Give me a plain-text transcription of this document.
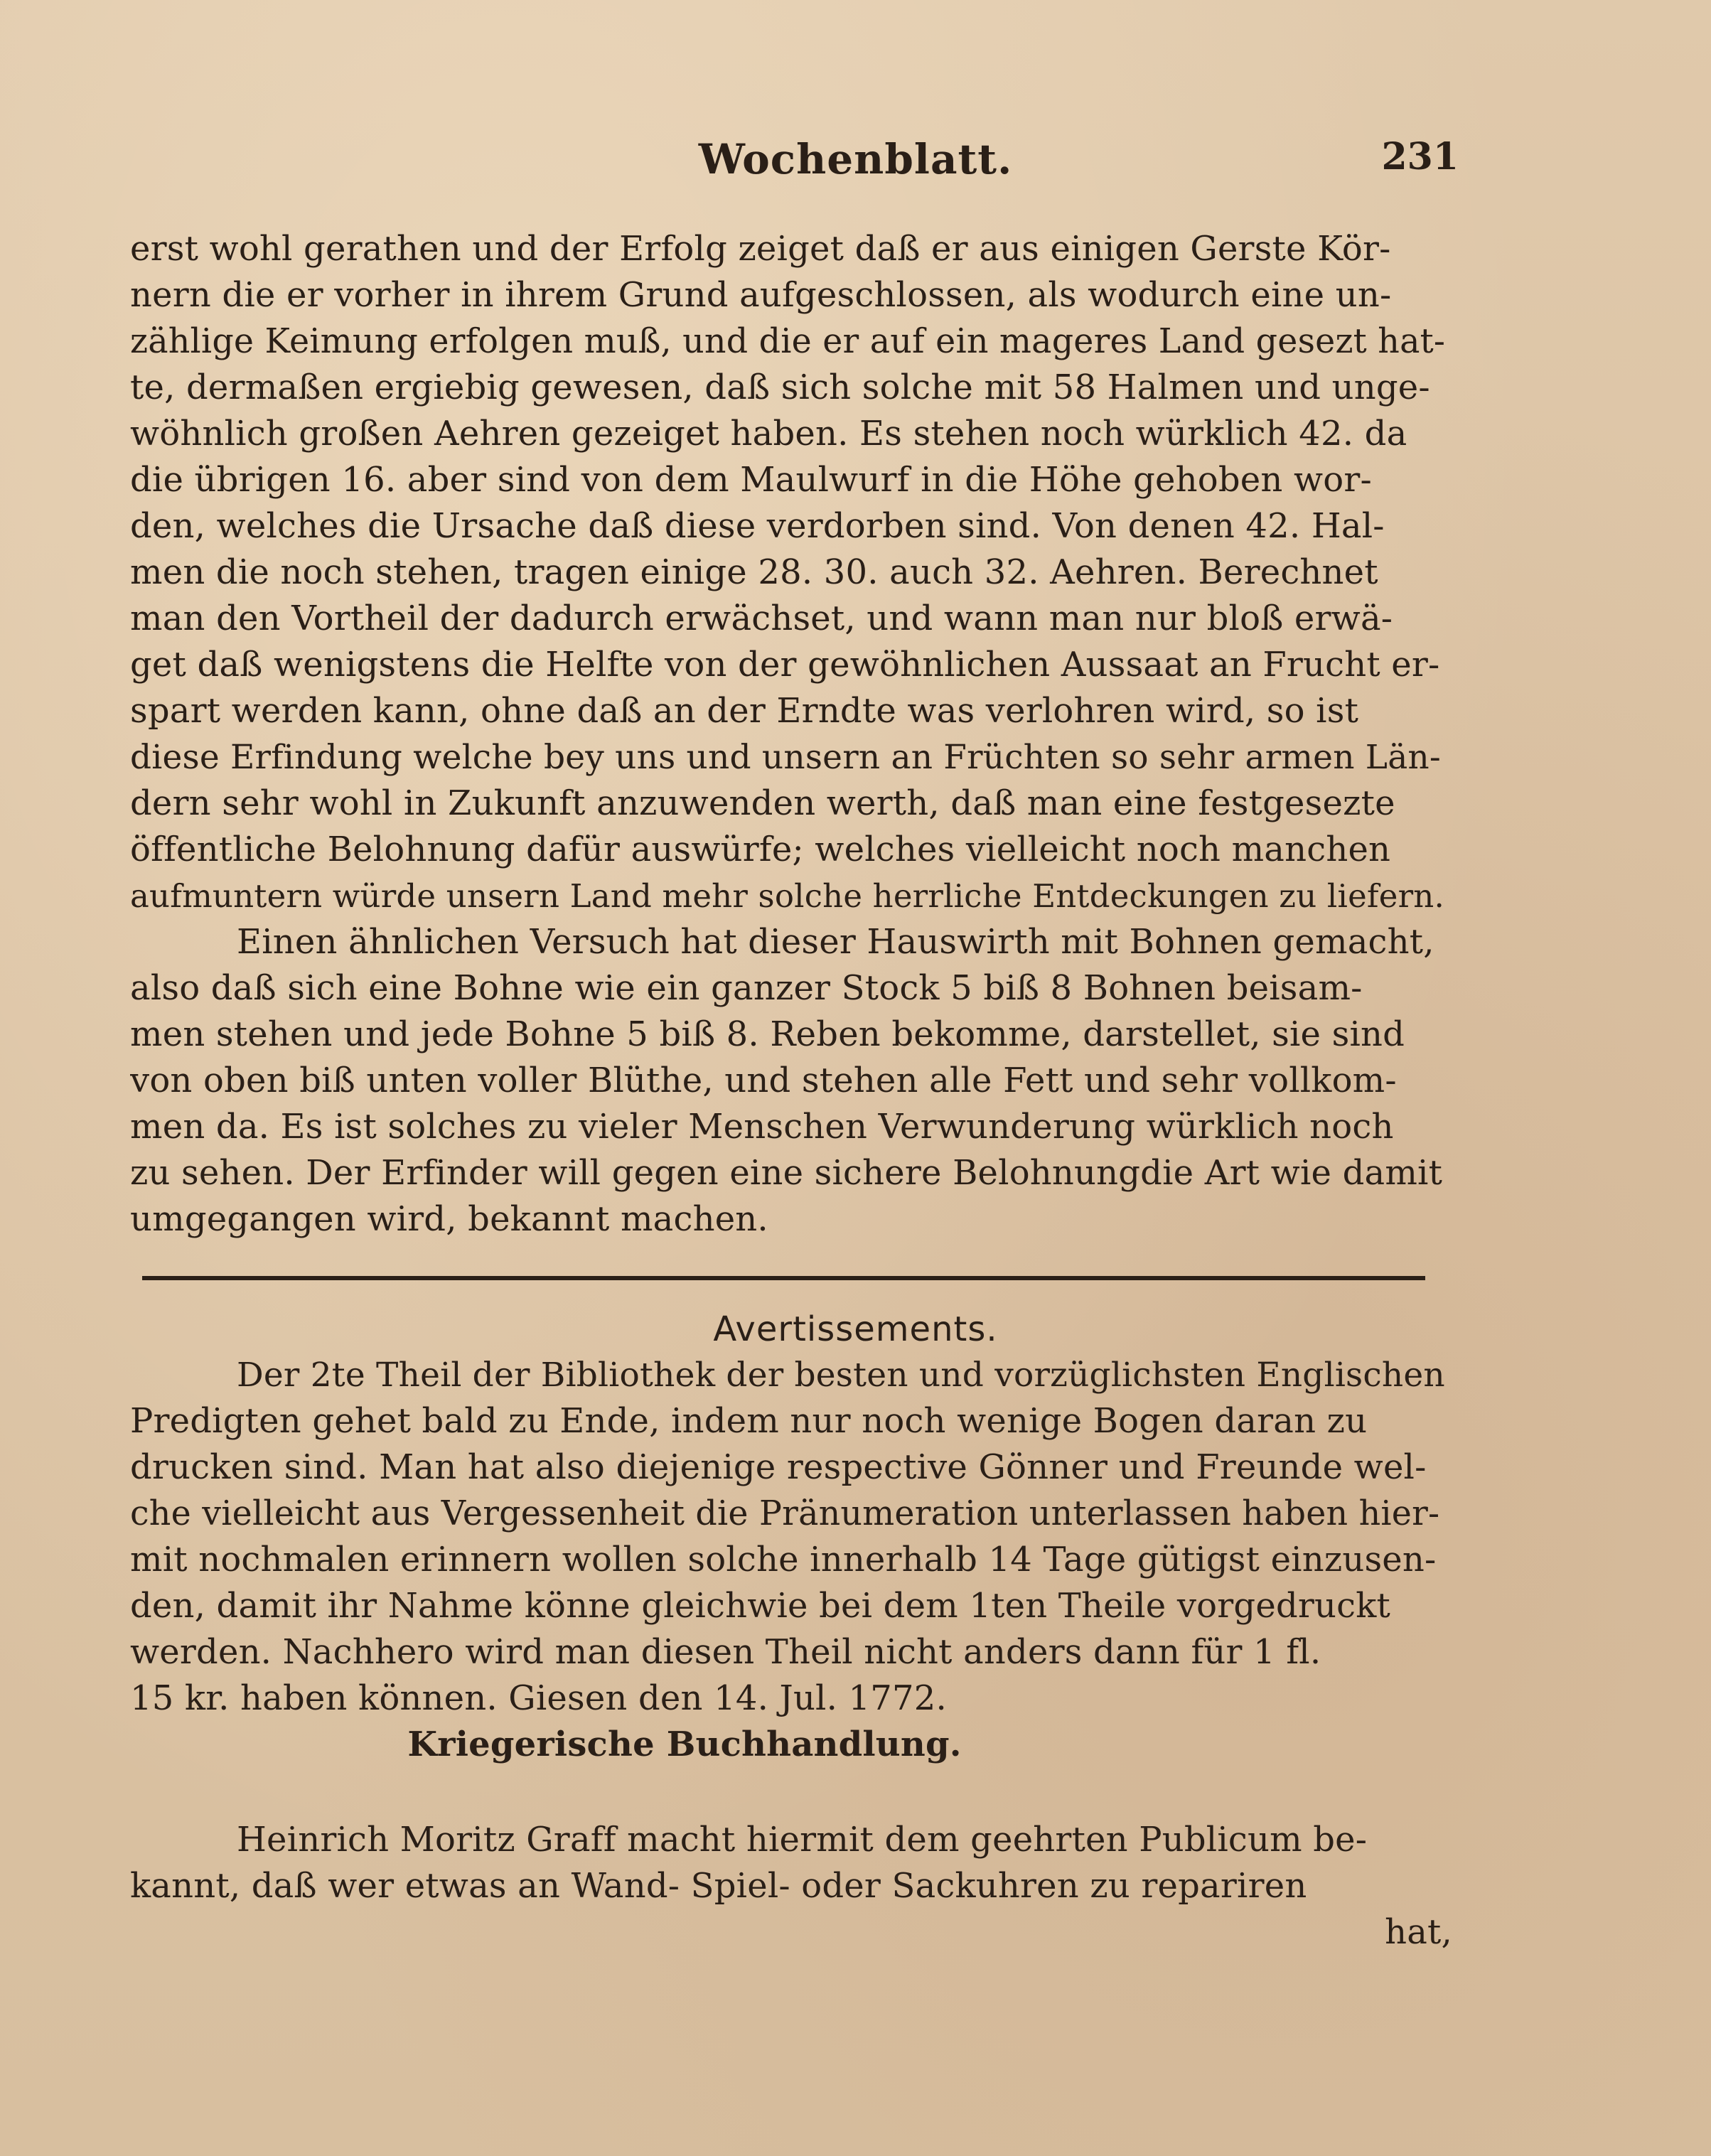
Wochenblatt.	231
erst wohl gerathen und der Erfolg zeiget daß er aus einigen Gerste Kör-
nern die er vorher in ihrem Grund aufgeschlossen, als wodurch eine un-
zählige Keimung erfolgen muß, und die er auf ein mageres Land gesezt hat-
te, dermaßen ergiebig gewesen, daß sich solche mit 58 Halmen und unge-
wöhnlich großen Aehren gezeiget haben. Es stehen noch würklich 42. da
die übrigen 16. aber sind von dem Maulwurf in die Höhe gehoben wor-
den, welches die Ursache daß diese verdorben sind. Von denen 42. Hal-
men die noch stehen, tragen einige 28. 30. auch 32. Aehren. Berechnet
man den Vortheil der dadurch erwächset, und wann man nur bloß erwä-
get daß wenigstens die Helfte von der gewöhnlichen Aussaat an Frucht er-
spart werden kann, ohne daß an der Erndte was verlohren wird, so ist
diese Erfindung welche bey uns und unsern an Früchten so sehr armen Län-
dern sehr wohl in Zukunft anzuwenden werth, daß man eine festgesezte
öffentliche Belohnung dafür auswürfe; welches vielleicht noch manchen
aufmuntern würde unsern Land mehr solche herrliche Entdeckungen zu liefern.
Einen ähnlichen Versuch hat dieser Hauswirth mit Bohnen gemacht,
also daß sich eine Bohne wie ein ganzer Stock 5 biß 8 Bohnen beisam-
men stehen und jede Bohne 5 biß 8. Reben bekomme, darstellet, sie sind
von oben biß unten voller Blüthe, und stehen alle Fett und sehr vollkom-
men da. Es ist solches zu vieler Menschen Verwunderung würklich noch
zu sehen. Der Erfinder will gegen eine sichere Belohnungdie Art wie damit
umgegangen wird, bekannt machen.
Avertissements.
Der 2te Theil der Bibliothek der besten und vorzüglichsten Englischen
Predigten gehet bald zu Ende, indem nur noch wenige Bogen daran zu
drucken sind. Man hat also diejenige respective Gönner und Freunde wel-
che vielleicht aus Vergessenheit die Pränumeration unterlassen haben hier-
mit nochmalen erinnern wollen solche innerhalb 14 Tage gütigst einzusen-
den, damit ihr Nahme könne gleichwie bei dem 1ten Theile vorgedruckt
werden. Nachhero wird man diesen Theil nicht anders dann für 1 fl.
15 kr. haben können. Giesen den 14. Jul. 1772.
Kriegerische Buchhandlung.
Heinrich Moritz Graff macht hiermit dem geehrten Publicum be-
kannt, daß wer etwas an Wand- Spiel- oder Sackuhren zu repariren
hat,
